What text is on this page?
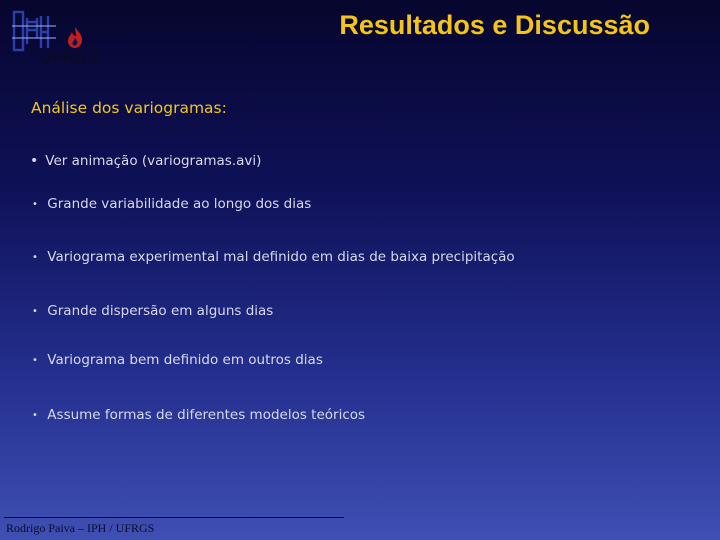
UFRGS
Resultados e Discussão
Análise dos variogramas:
• Ver animação (variogramas.avi)
• Grande variabilidade ao longo dos dias
• Variograma experimental mal definido em dias de baixa precipitação
• Grande dispersão em alguns dias
• Variograma bem definido em outros dias
• Assume formas de diferentes modelos teóricos
Rodrigo Paiva – IPH / UFRGS
